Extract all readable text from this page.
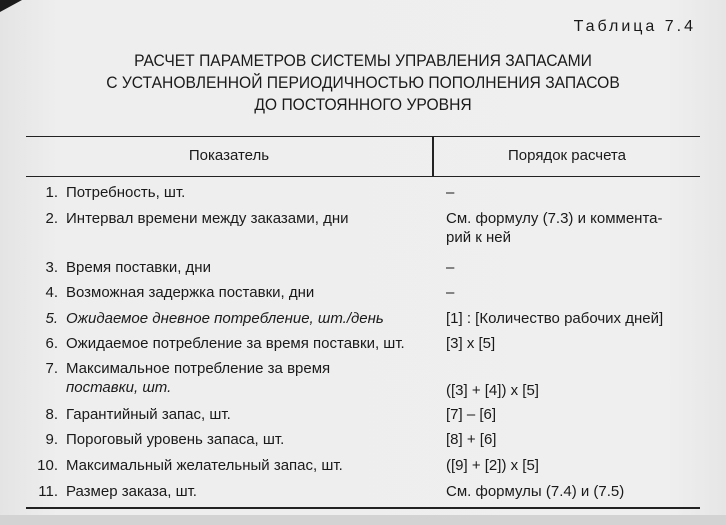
Таблица 7.4
РАСЧЕТ ПАРАМЕТРОВ СИСТЕМЫ УПРАВЛЕНИЯ ЗАПАСАМИ
С УСТАНОВЛЕННОЙ ПЕРИОДИЧНОСТЬЮ ПОПОЛНЕНИЯ ЗАПАСОВ
ДО ПОСТОЯННОГО УРОВНЯ
Показатель	Порядок расчета
1. Потребность, шт.	–
2. Интервал времени между заказами, дни	См. формулу (7.3) и коммента-
рий к ней
3. Время поставки, дни	–
4. Возможная задержка поставки, дни	–
5. Ожидаемое дневное потребление, шт./день	[1] : [Количество рабочих дней]
6. Ожидаемое потребление за время поставки, шт.	[3] х [5]
7. Максимальное потребление за время
поставки, шт.	([3] + [4]) х [5]
8. Гарантийный запас, шт.	[7] – [6]
9. Пороговый уровень запаса, шт.	[8] + [6]
10. Максимальный желательный запас, шт.	([9] + [2]) х [5]
11. Размер заказа, шт.	См. формулы (7.4) и (7.5)
